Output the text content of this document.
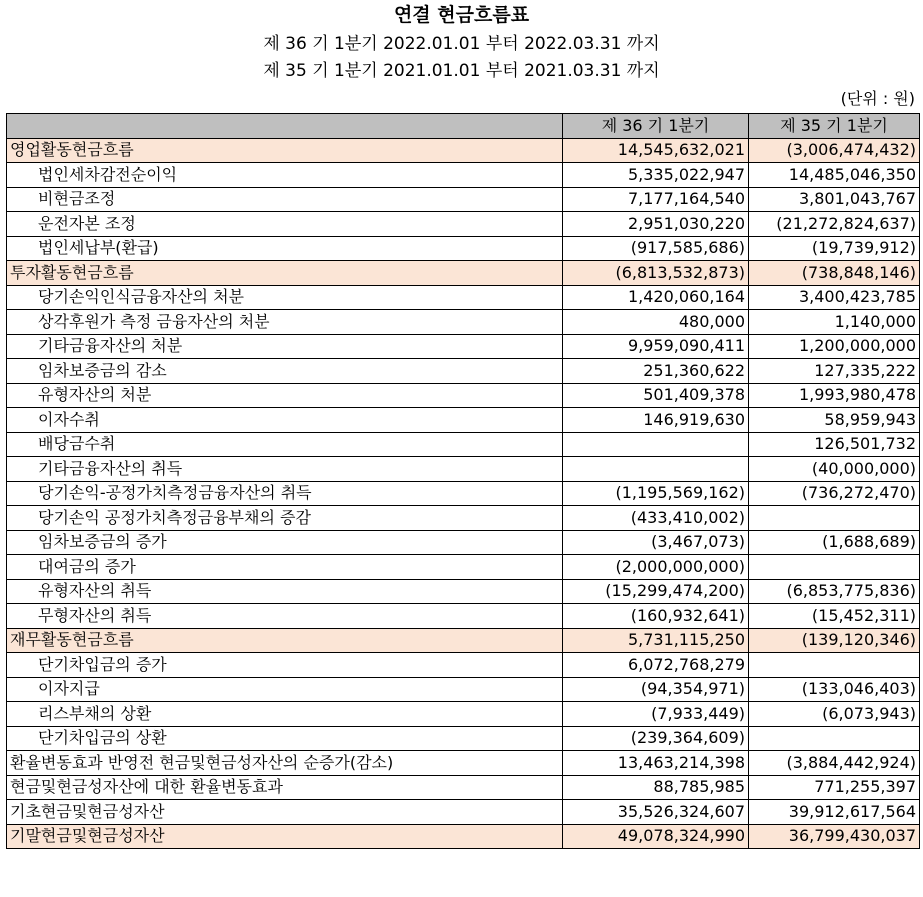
연결 현금흐름표
제 36 기 1분기 2022.01.01 부터 2022.03.31 까지
제 35 기 1분기 2021.01.01 부터 2021.03.31 까지
(단위 : 원)
	제 36 기 1분기	제 35 기 1분기
영업활동현금흐름	14,545,632,021	(3,006,474,432)
법인세차감전순이익	5,335,022,947	14,485,046,350
비현금조정	7,177,164,540	3,801,043,767
운전자본 조정	2,951,030,220	(21,272,824,637)
법인세납부(환급)	(917,585,686)	(19,739,912)
투자활동현금흐름	(6,813,532,873)	(738,848,146)
당기손익인식금융자산의 처분	1,420,060,164	3,400,423,785
상각후원가 측정 금융자산의 처분	480,000	1,140,000
기타금융자산의 처분	9,959,090,411	1,200,000,000
임차보증금의 감소	251,360,622	127,335,222
유형자산의 처분	501,409,378	1,993,980,478
이자수취	146,919,630	58,959,943
배당금수취		126,501,732
기타금융자산의 취득		(40,000,000)
당기손익-공정가치측정금융자산의 취득	(1,195,569,162)	(736,272,470)
당기손익 공정가치측정금융부채의 증감	(433,410,002)	
임차보증금의 증가	(3,467,073)	(1,688,689)
대여금의 증가	(2,000,000,000)	
유형자산의 취득	(15,299,474,200)	(6,853,775,836)
무형자산의 취득	(160,932,641)	(15,452,311)
재무활동현금흐름	5,731,115,250	(139,120,346)
단기차입금의 증가	6,072,768,279	
이자지급	(94,354,971)	(133,046,403)
리스부채의 상환	(7,933,449)	(6,073,943)
단기차입금의 상환	(239,364,609)	
환율변동효과 반영전 현금및현금성자산의 순증가(감소)	13,463,214,398	(3,884,442,924)
현금및현금성자산에 대한 환율변동효과	88,785,985	771,255,397
기초현금및현금성자산	35,526,324,607	39,912,617,564
기말현금및현금성자산	49,078,324,990	36,799,430,037
